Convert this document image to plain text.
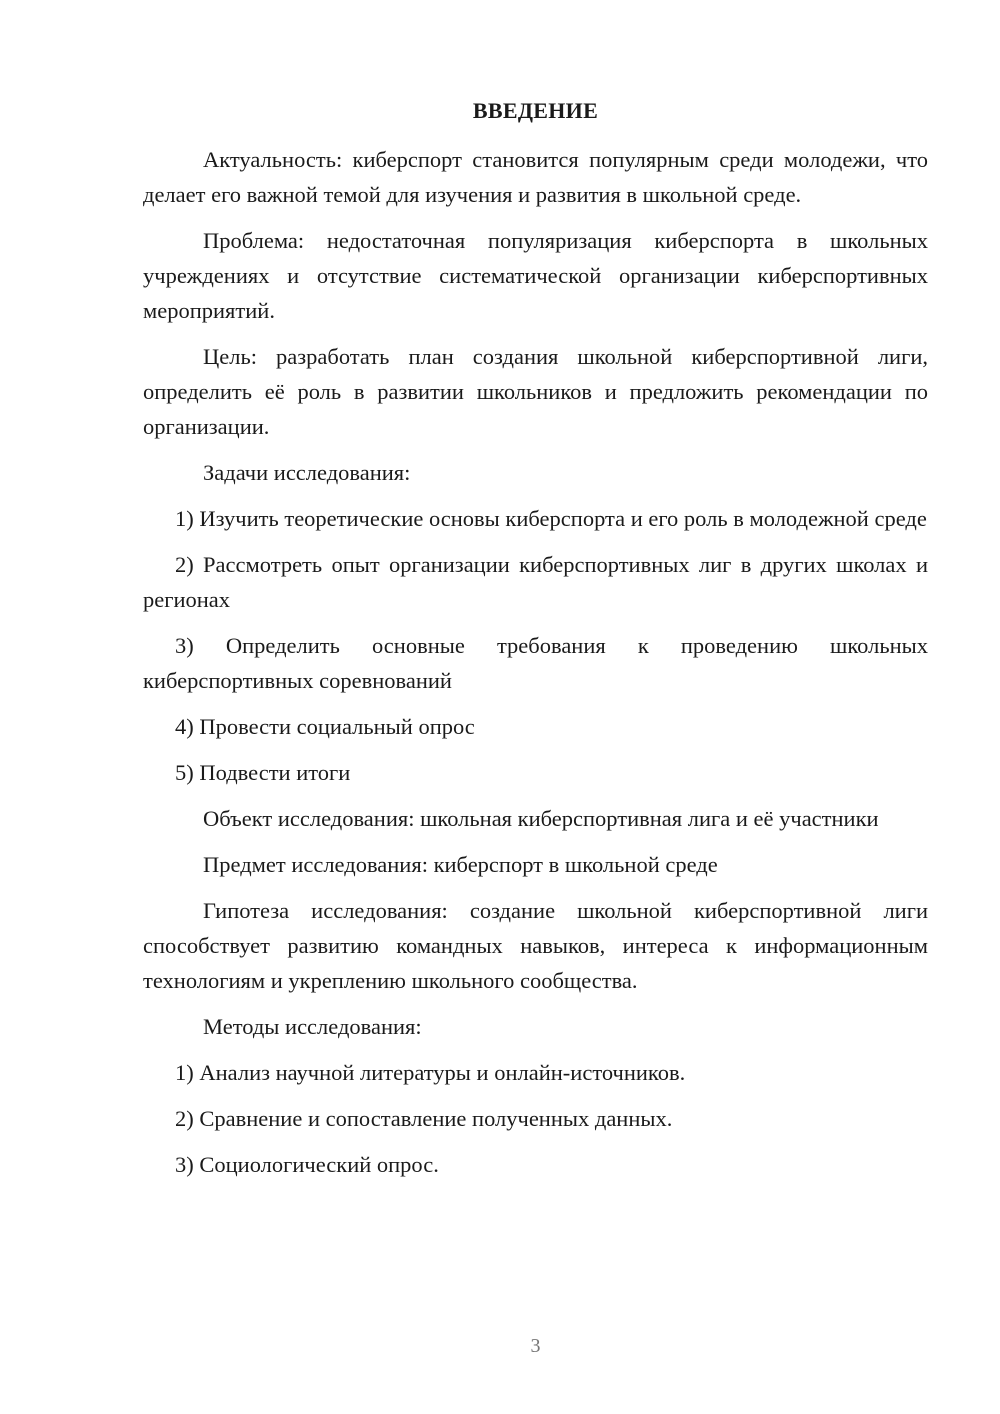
ВВЕДЕНИЕ

Актуальность: киберспорт становится популярным среди молодежи, что делает его важной темой для изучения и развития в школьной среде.

Проблема: недостаточная популяризация киберспорта в школьных учреждениях и отсутствие систематической организации киберспортивных мероприятий.

Цель: разработать план создания школьной киберспортивной лиги, определить её роль в развитии школьников и предложить рекомендации по организации.

Задачи исследования:

1) Изучить теоретические основы киберспорта и его роль в молодежной среде

2) Рассмотреть опыт организации киберспортивных лиг в других школах и регионах

3) Определить основные требования к проведению школьных киберспортивных соревнований

4) Провести социальный опрос

5) Подвести итоги

Объект исследования: школьная киберспортивная лига и её участники

Предмет исследования: киберспорт в школьной среде

Гипотеза исследования: создание школьной киберспортивной лиги способствует развитию командных навыков, интереса к информационным технологиям и укреплению школьного сообщества.

Методы исследования:

1) Анализ научной литературы и онлайн-источников.

2) Сравнение и сопоставление полученных данных.

3) Социологический опрос.

3
